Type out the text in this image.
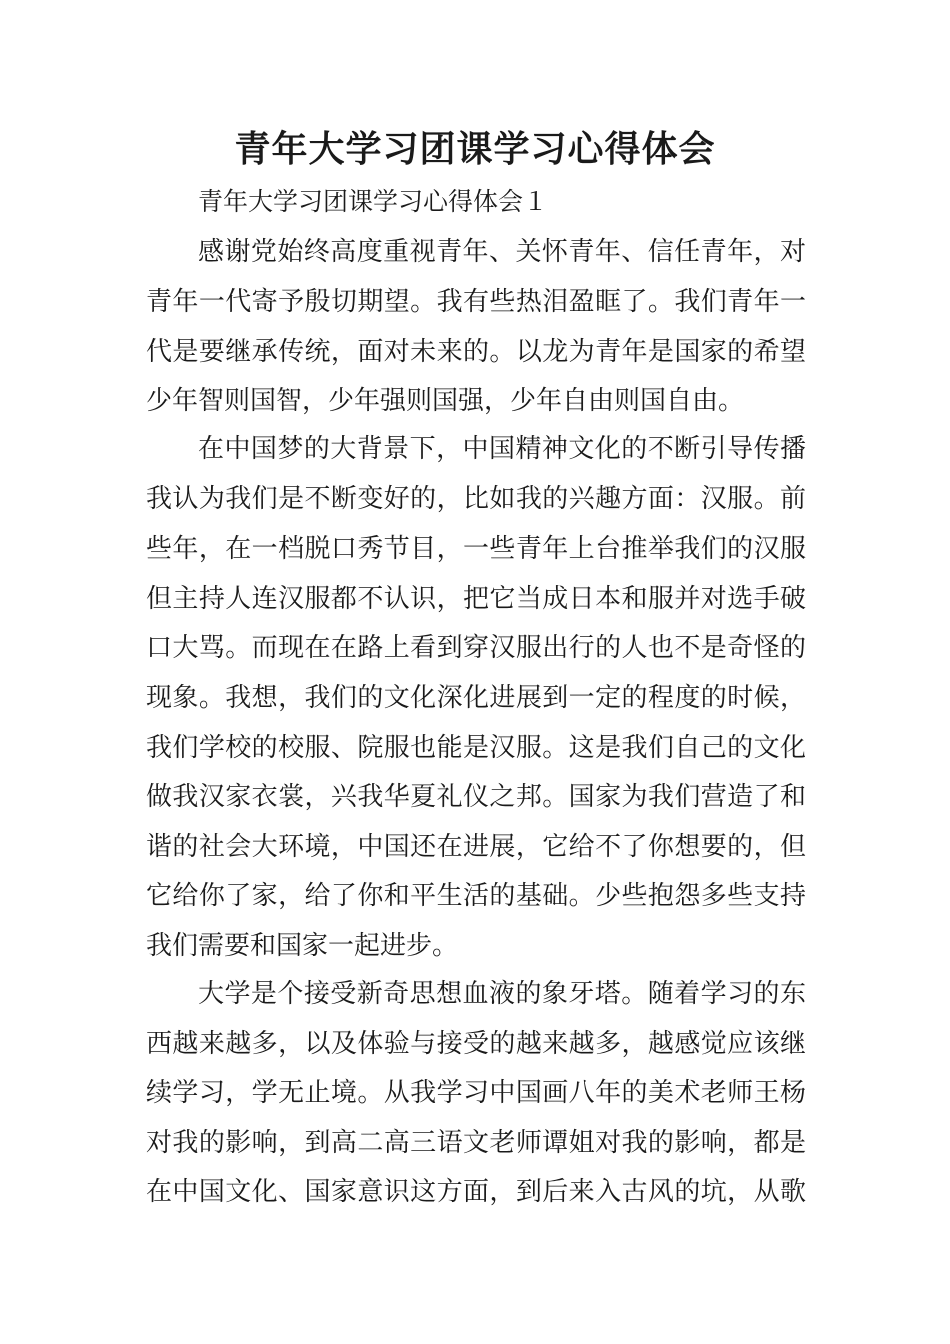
青年大学习团课学习心得体会

青年大学习团课学习心得体会１

感谢党始终高度重视青年、关怀青年、信任青年，对

青年一代寄予殷切期望。我有些热泪盈眶了。我们青年一

代是要继承传统，面对未来的。以龙为青年是国家的希望

少年智则国智，少年强则国强，少年自由则国自由。

在中国梦的大背景下，中国精神文化的不断引导传播

我认为我们是不断变好的，比如我的兴趣方面：汉服。前

些年，在一档脱口秀节目，一些青年上台推举我们的汉服

但主持人连汉服都不认识，把它当成日本和服并对选手破

口大骂。而现在在路上看到穿汉服出行的人也不是奇怪的

现象。我想，我们的文化深化进展到一定的程度的时候，

我们学校的校服、院服也能是汉服。这是我们自己的文化

做我汉家衣裳，兴我华夏礼仪之邦。国家为我们营造了和

谐的社会大环境，中国还在进展，它给不了你想要的，但

它给你了家，给了你和平生活的基础。少些抱怨多些支持

我们需要和国家一起进步。

大学是个接受新奇思想血液的象牙塔。随着学习的东

西越来越多，以及体验与接受的越来越多，越感觉应该继

续学习，学无止境。从我学习中国画八年的美术老师王杨

对我的影响，到高二高三语文老师谭姐对我的影响，都是

在中国文化、国家意识这方面，到后来入古风的坑，从歌
